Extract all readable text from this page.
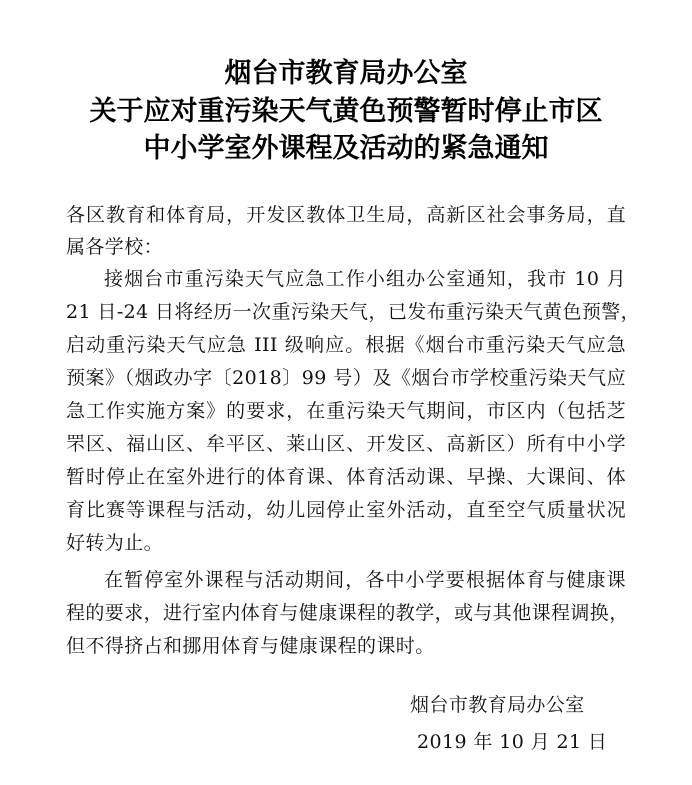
烟台市教育局办公室
关于应对重污染天气黄色预警暂时停止市区
中小学室外课程及活动的紧急通知
各区教育和体育局，开发区教体卫生局，高新区社会事务局，直
属各学校：
接烟台市重污染天气应急工作小组办公室通知，我市 10 月
21 日-24 日将经历一次重污染天气，已发布重污染天气黄色预警，
启动重污染天气应急 III 级响应。根据《烟台市重污染天气应急
预案》（烟政办字〔2018〕99 号）及《烟台市学校重污染天气应
急工作实施方案》的要求，在重污染天气期间，市区内（包括芝
罘区、福山区、牟平区、莱山区、开发区、高新区）所有中小学
暂时停止在室外进行的体育课、体育活动课、早操、大课间、体
育比赛等课程与活动，幼儿园停止室外活动，直至空气质量状况
好转为止。
在暂停室外课程与活动期间，各中小学要根据体育与健康课
程的要求，进行室内体育与健康课程的教学，或与其他课程调换，
但不得挤占和挪用体育与健康课程的课时。
烟台市教育局办公室
2019 年 10 月 21 日
